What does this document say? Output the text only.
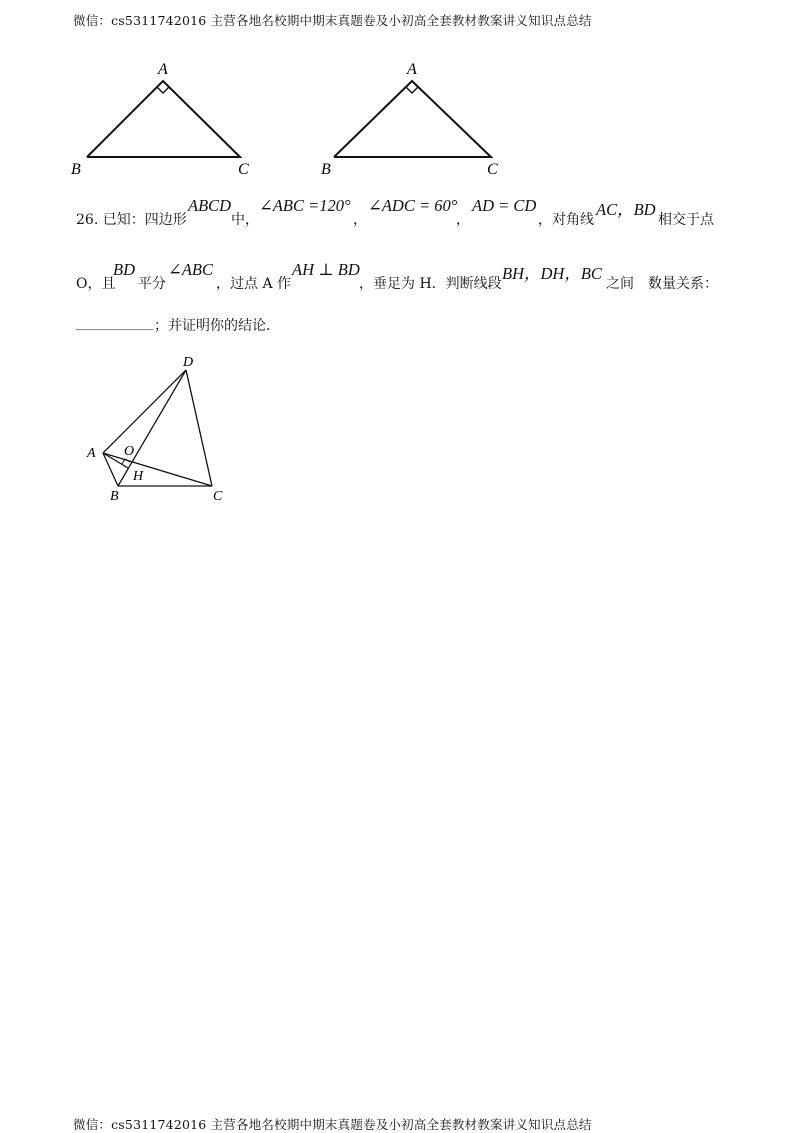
微信：cs5311742016 主营各地名校期中期末真题卷及小初高全套教材教案讲义知识点总结
A
B	C
A
B	C
26. 已知：四边形
ABCD
中，
∠ABC =120°
，
∠ADC = 60°
，
AD = CD
，对角线
AC，BD
相交于点
O，且
BD
平分
∠ABC
，过点 A 作
AH ⊥ BD
，垂足为 H．判断线段
BH，DH，BC
之间　数量关系：
___________ ；并证明你的结论．
D
A O
H
B	C
微信：cs5311742016 主营各地名校期中期末真题卷及小初高全套教材教案讲义知识点总结
